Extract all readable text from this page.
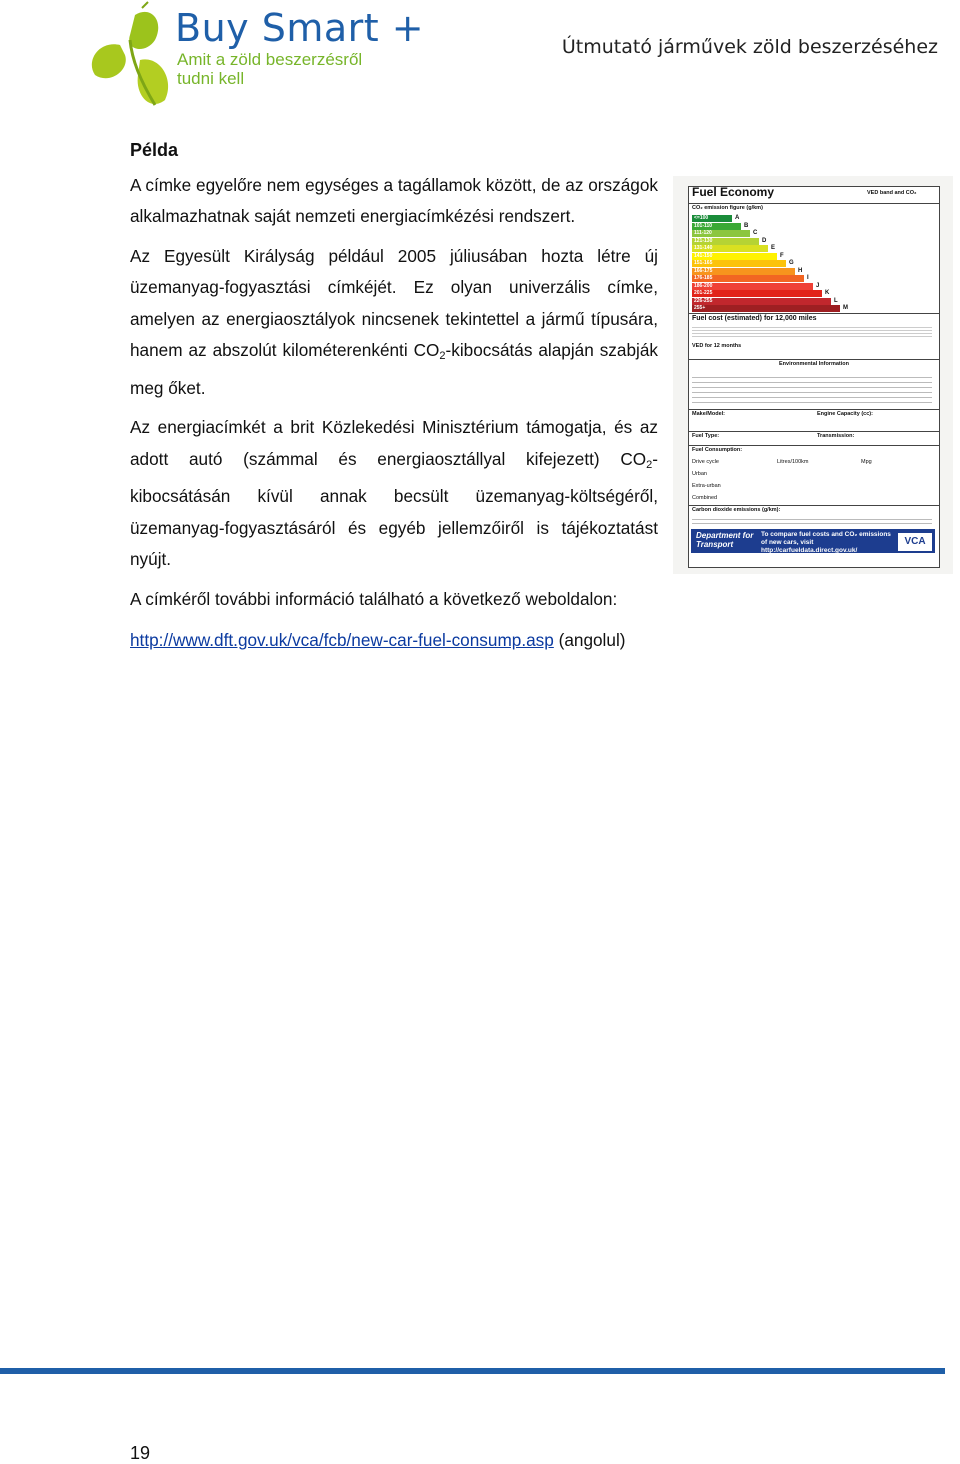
Buy Smart +
Amit a zöld beszerzésről
tudni kell
Útmutató járművek zöld beszerzéséhez
Példa

A címke egyelőre nem egységes a tagállamok között, de az országok alkalmazhatnak saját nemzeti energiacímkézési rendszert.

Az Egyesült Királyság például 2005 júliusában hozta létre új üzemanyag-fogyasztási címkéjét. Ez olyan univerzális címke, amelyen az energiaosztályok nincsenek tekintettel a jármű típusára, hanem az abszolút kilométerenkénti $CO_2$-kibocsátás alapján szabják meg őket.

Az energiacímkét a brit Közlekedési Minisztérium támogatja, és az adott autó (számmal és energiaosztállyal kifejezett) $CO_2$-kibocsátásán kívül annak becsült üzemanyag-költségéről, üzemanyag-fogyasztásáról és egyéb jellemzőiről is tájékoztatást nyújt.

A címkéről további információ található a következő weboldalon:

http://www.dft.gov.uk/vca/fcb/new-car-fuel-consump.asp (angolul)

Fuel Economy	VED band and CO₂
CO₂ emission figure (g/km)
<=100	A
101-110	B
111-120	C
121-130	D
131-140	E
141-150	F
151-165	G
166-175	H
176-185	I
186-200	J
201-225	K
226-255	L
255+	M
Fuel cost (estimated) for 12,000 miles
VED for 12 months
Environmental Information
Make/Model:	Engine Capacity (cc):
Fuel Type:	Transmission:
Fuel Consumption:
Drive cycle	Litres/100km	Mpg
Urban
Extra-urban
Combined
Carbon dioxide emissions (g/km):
Department for Transport
To compare fuel costs and CO₂ emissions of new cars, visit http://carfueldata.direct.gov.uk/
VCA
19
